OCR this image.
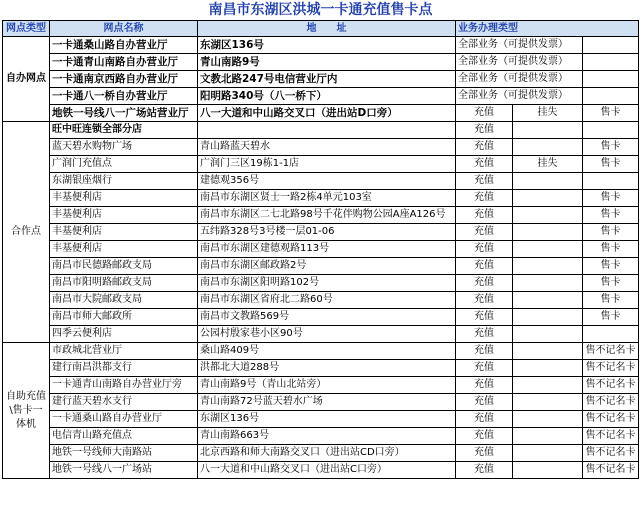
南昌市东湖区洪城一卡通充值售卡点					
网点类型	网点名称	地　　址	业务办理类型		
自办网点	一卡通桑山路自办营业厅	东湖区136号	全部业务（可提供发票）		
	一卡通青山南路自办营业厅	青山南路9号	全部业务（可提供发票）		
	一卡通南京西路自办营业厅	文教北路247号电信营业厅内	全部业务（可提供发票）		
	一卡通八一桥自办营业厅	阳明路340号（八一桥下）	全部业务（可提供发票）		
	地铁一号线八一广场站营业厅	八一大道和中山路交叉口（进出站D口旁）	充值	挂失	售卡
合作点	旺中旺连锁全部分店		充值		
	蓝天碧水购物广场	青山路蓝天碧水	充值		售卡
	广润门充值点	广润门三区19栋1-1店	充值	挂失	售卡
	东湖银座烟行	建德观356号	充值		
	丰基便利店	南昌市东湖区贤士一路2栋4单元103室	充值		售卡
	丰基便利店	南昌市东湖区二七北路98号千花伴购物公园A座A126号	充值		售卡
	丰基便利店	五纬路328号3号楼一层01-06	充值		售卡
	丰基便利店	南昌市东湖区建德观路113号	充值		售卡
	南昌市民德路邮政支局	南昌市东湖区邮政路2号	充值		售卡
	南昌市阳明路邮政支局	南昌市东湖区阳明路102号	充值		售卡
	南昌市大院邮政支局	南昌市东湖区省府北二路60号	充值		售卡
	南昌市师大邮政所	南昌市文教路569号	充值		售卡
	四季云便利店	公园村殷家巷小区90号	充值		
自助充值\售卡一体机	市政城北营业厅	桑山路409号	充值		售不记名卡
	建行南昌洪都支行	洪都北大道288号	充值		售不记名卡
	一卡通青山南路自办营业厅旁	青山南路9号（青山北站旁）	充值		售不记名卡
	建行蓝天碧水支行	青山南路72号蓝天碧水广场	充值		售不记名卡
	一卡通桑山路自办营业厅	东湖区136号	充值		售不记名卡
	电信青山路充值点	青山南路663号	充值		售不记名卡
	地铁一号线师大南路站	北京西路和师大南路交叉口（进出站CD口旁）	充值		售不记名卡
	地铁一号线八一广场站	八一大道和中山路交叉口（进出站C口旁）	充值		售不记名卡
